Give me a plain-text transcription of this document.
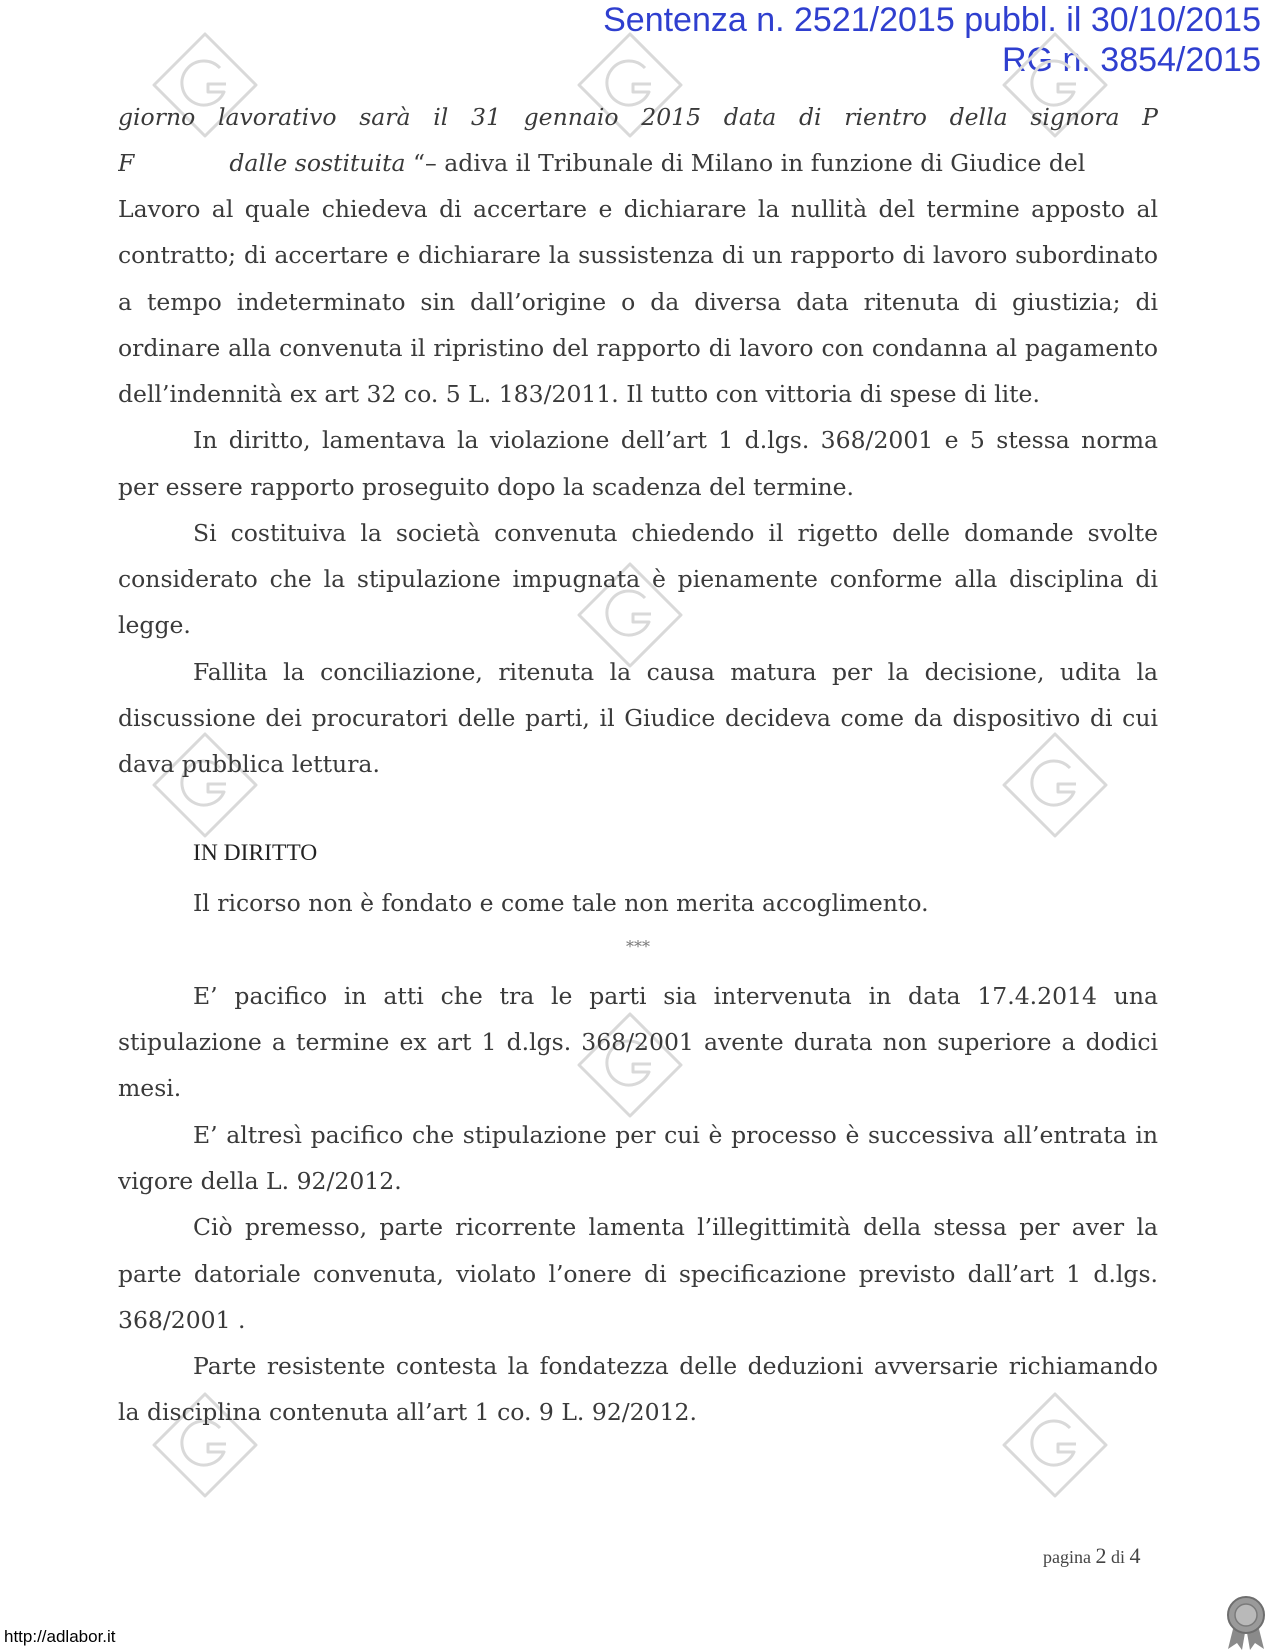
Sentenza n. 2521/2015 pubbl. il 30/10/2015
RG n. 3854/2015
giorno lavorativo sarà il 31 gennaio 2015 data di rientro della signora P
F	dalle sostituita “– adiva il Tribunale di Milano in funzione di Giudice del
Lavoro al quale chiedeva di accertare e dichiarare la nullità del termine apposto al
contratto; di accertare e dichiarare la sussistenza di un rapporto di lavoro subordinato
a tempo indeterminato sin dall’origine o da diversa data ritenuta di giustizia; di
ordinare alla convenuta il ripristino del rapporto di lavoro con condanna al pagamento
dell’indennità ex art 32 co. 5 L. 183/2011. Il tutto con vittoria di spese di lite.
In diritto, lamentava la violazione dell’art 1 d.lgs. 368/2001 e 5 stessa norma
per essere rapporto proseguito dopo la scadenza del termine.
Si costituiva la società convenuta chiedendo il rigetto delle domande svolte
considerato che la stipulazione impugnata è pienamente conforme alla disciplina di
legge.
Fallita la conciliazione, ritenuta la causa matura per la decisione, udita la
discussione dei procuratori delle parti, il Giudice decideva come da dispositivo di cui
dava pubblica lettura.
IN DIRITTO
Il ricorso non è fondato e come tale non merita accoglimento.
***
E’ pacifico in atti che tra le parti sia intervenuta in data 17.4.2014 una
stipulazione a termine ex art 1 d.lgs. 368/2001 avente durata non superiore a dodici
mesi.
E’ altresì pacifico che stipulazione per cui è processo è successiva all’entrata in
vigore della L. 92/2012.
Ciò premesso, parte ricorrente lamenta l’illegittimità della stessa per aver la
parte datoriale convenuta, violato l’onere di specificazione previsto dall’art 1 d.lgs.
368/2001 .
Parte resistente contesta la fondatezza delle deduzioni avversarie richiamando
la disciplina contenuta all’art 1 co. 9 L. 92/2012.
pagina 2 di 4
http://adlabor.it
